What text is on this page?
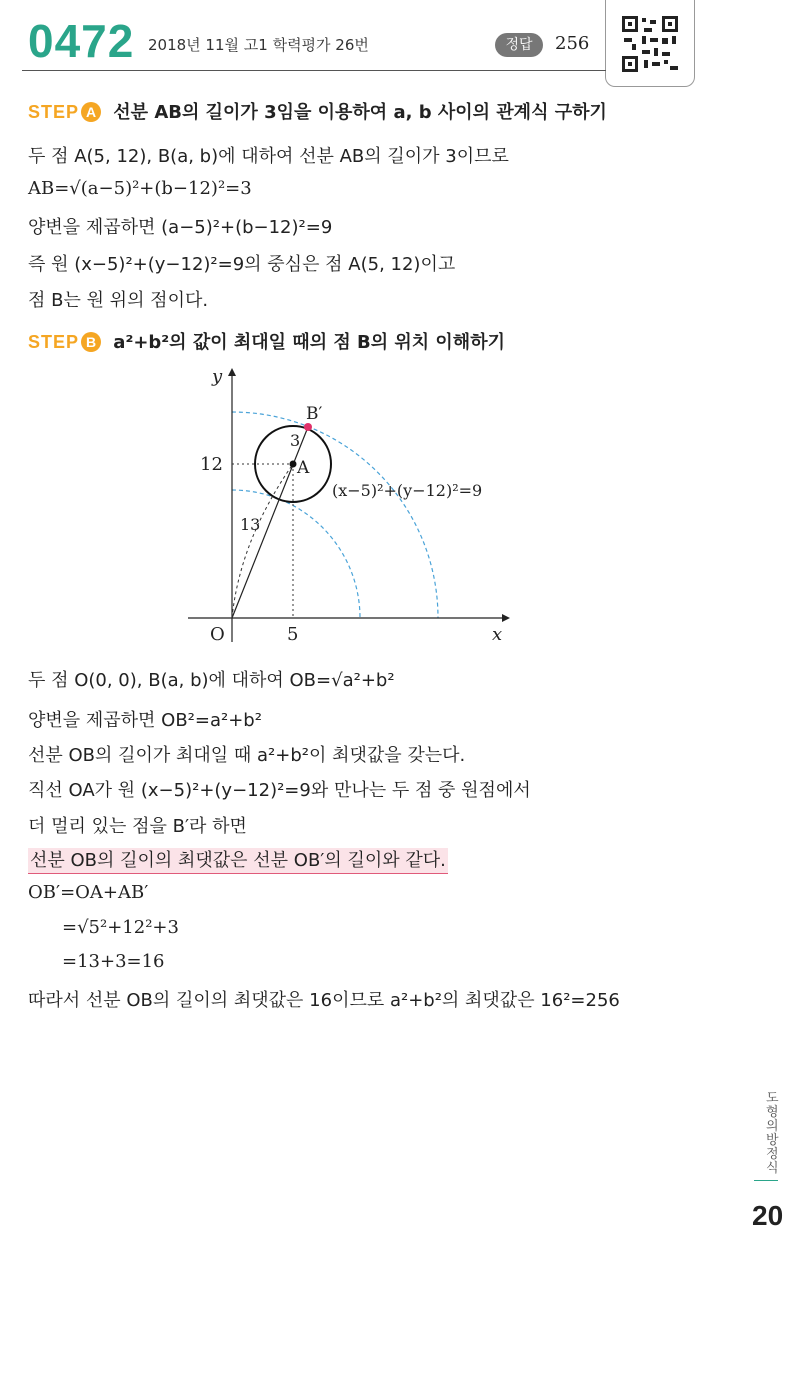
0472 2018년 11월 고1 학력평가 26번	정답	256
STEP A 선분 AB의 길이가 3임을 이용하여 a, b 사이의 관계식 구하기
두 점 A(5, 12), B(a, b)에 대하여 선분 AB의 길이가 3이므로
AB=√(a−5)²+(b−12)²=3
양변을 제곱하면 (a−5)²+(b−12)²=9
즉 원 (x−5)²+(y−12)²=9의 중심은 점 A(5, 12)이고
점 B는 원 위의 점이다.
STEP B a²+b²의 값이 최대일 때의 점 B의 위치 이해하기
y
x
O	5
12	A
B′
3
13
(x−5)²+(y−12)²=9
두 점 O(0, 0), B(a, b)에 대하여 OB=√a²+b²
양변을 제곱하면 OB²=a²+b²
선분 OB의 길이가 최대일 때 a²+b²이 최댓값을 갖는다.
직선 OA가 원 (x−5)²+(y−12)²=9와 만나는 두 점 중 원점에서
더 멀리 있는 점을 B′라 하면
선분 OB의 길이의 최댓값은 선분 OB′의 길이와 같다.
OB′=OA+AB′
=√5²+12²+3
=13+3=16
따라서 선분 OB의 길이의 최댓값은 16이므로 a²+b²의 최댓값은 16²=256
도형의 방정식
20
